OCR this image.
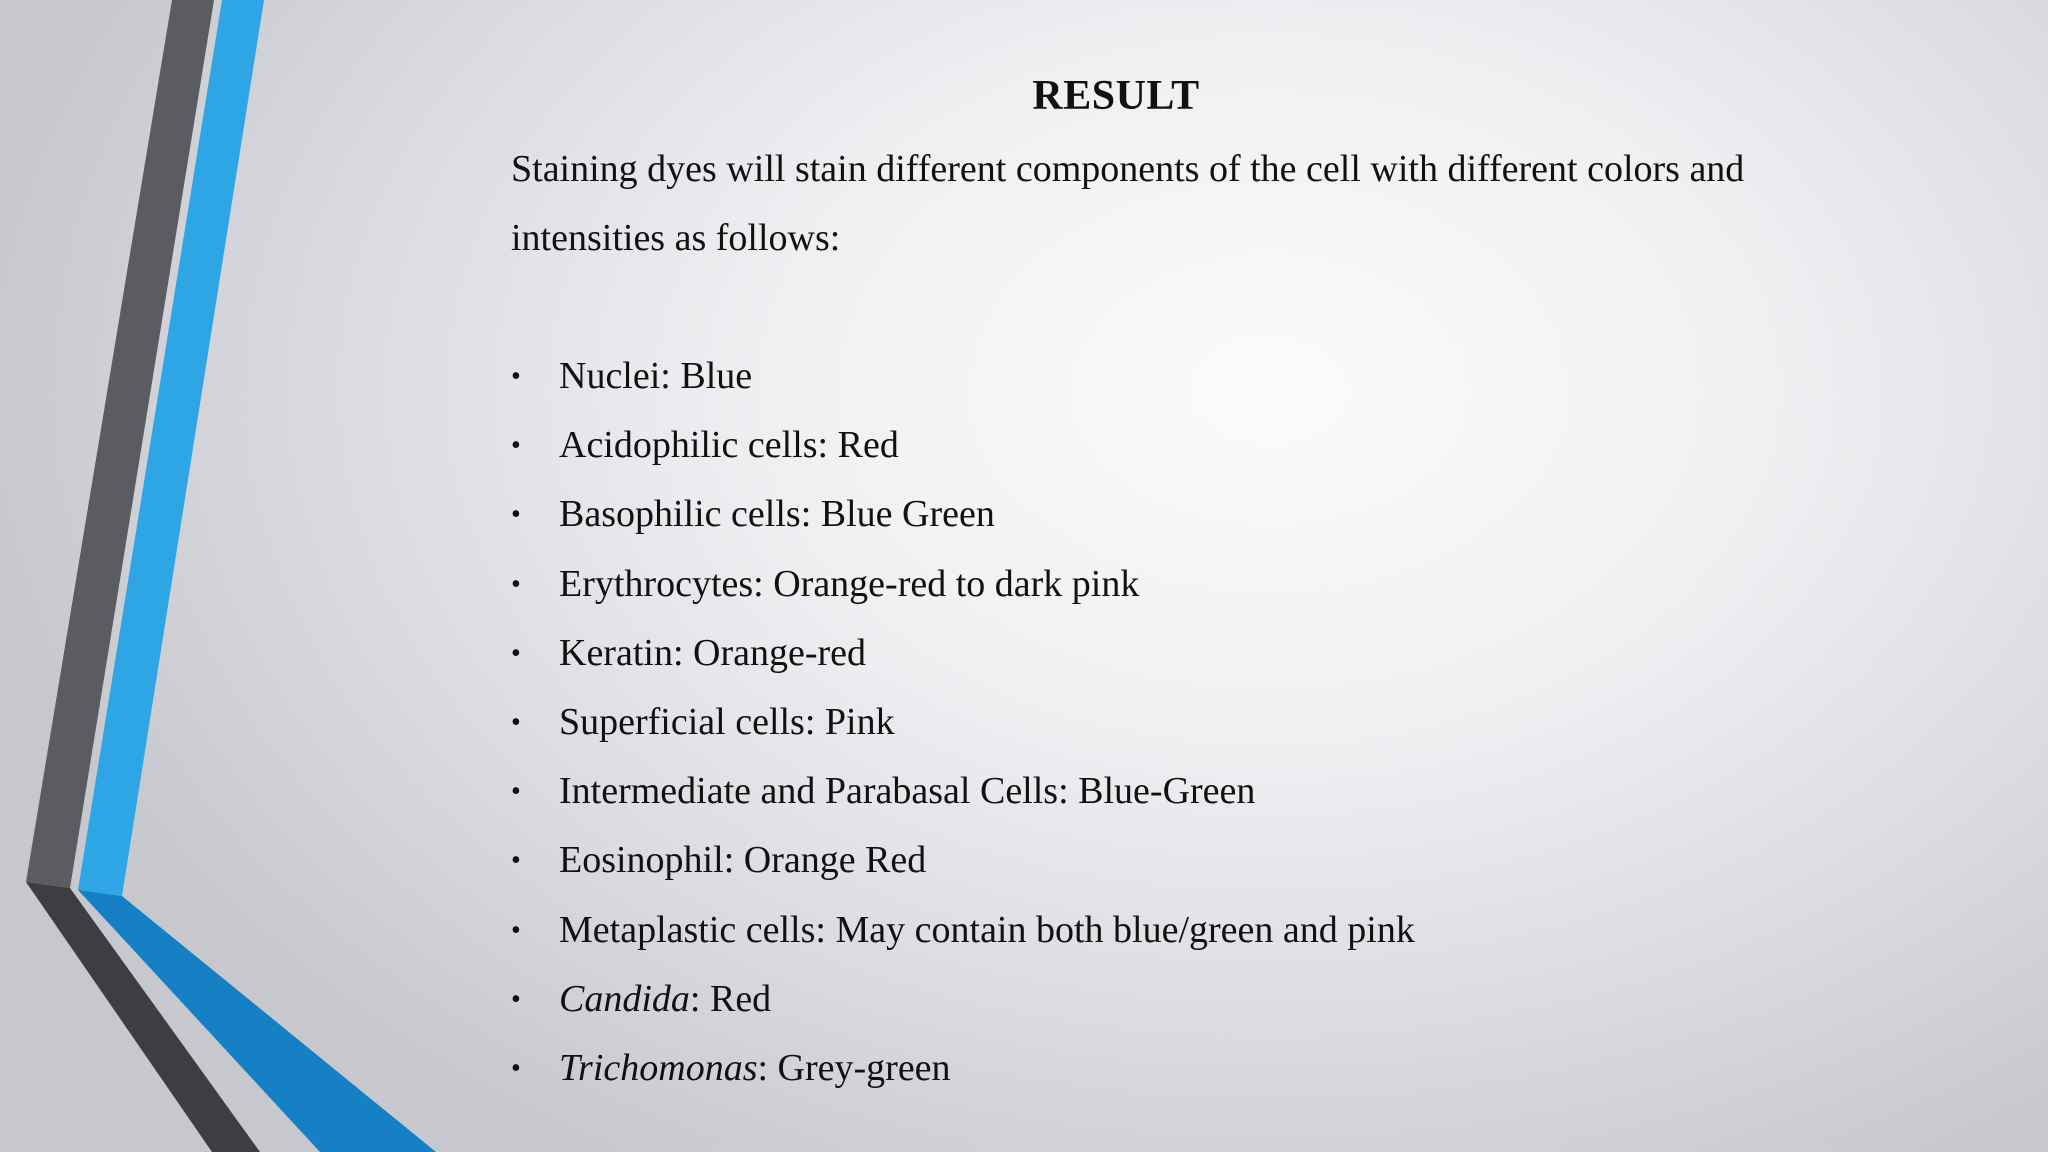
RESULT

Staining dyes will stain different components of the cell with different colors and intensities as follows:

• Nuclei: Blue
• Acidophilic cells: Red
• Basophilic cells: Blue Green
• Erythrocytes: Orange-red to dark pink
• Keratin: Orange-red
• Superficial cells: Pink
• Intermediate and Parabasal Cells: Blue-Green
• Eosinophil: Orange Red
• Metaplastic cells: May contain both blue/green and pink
• Candida: Red
• Trichomonas: Grey-green
